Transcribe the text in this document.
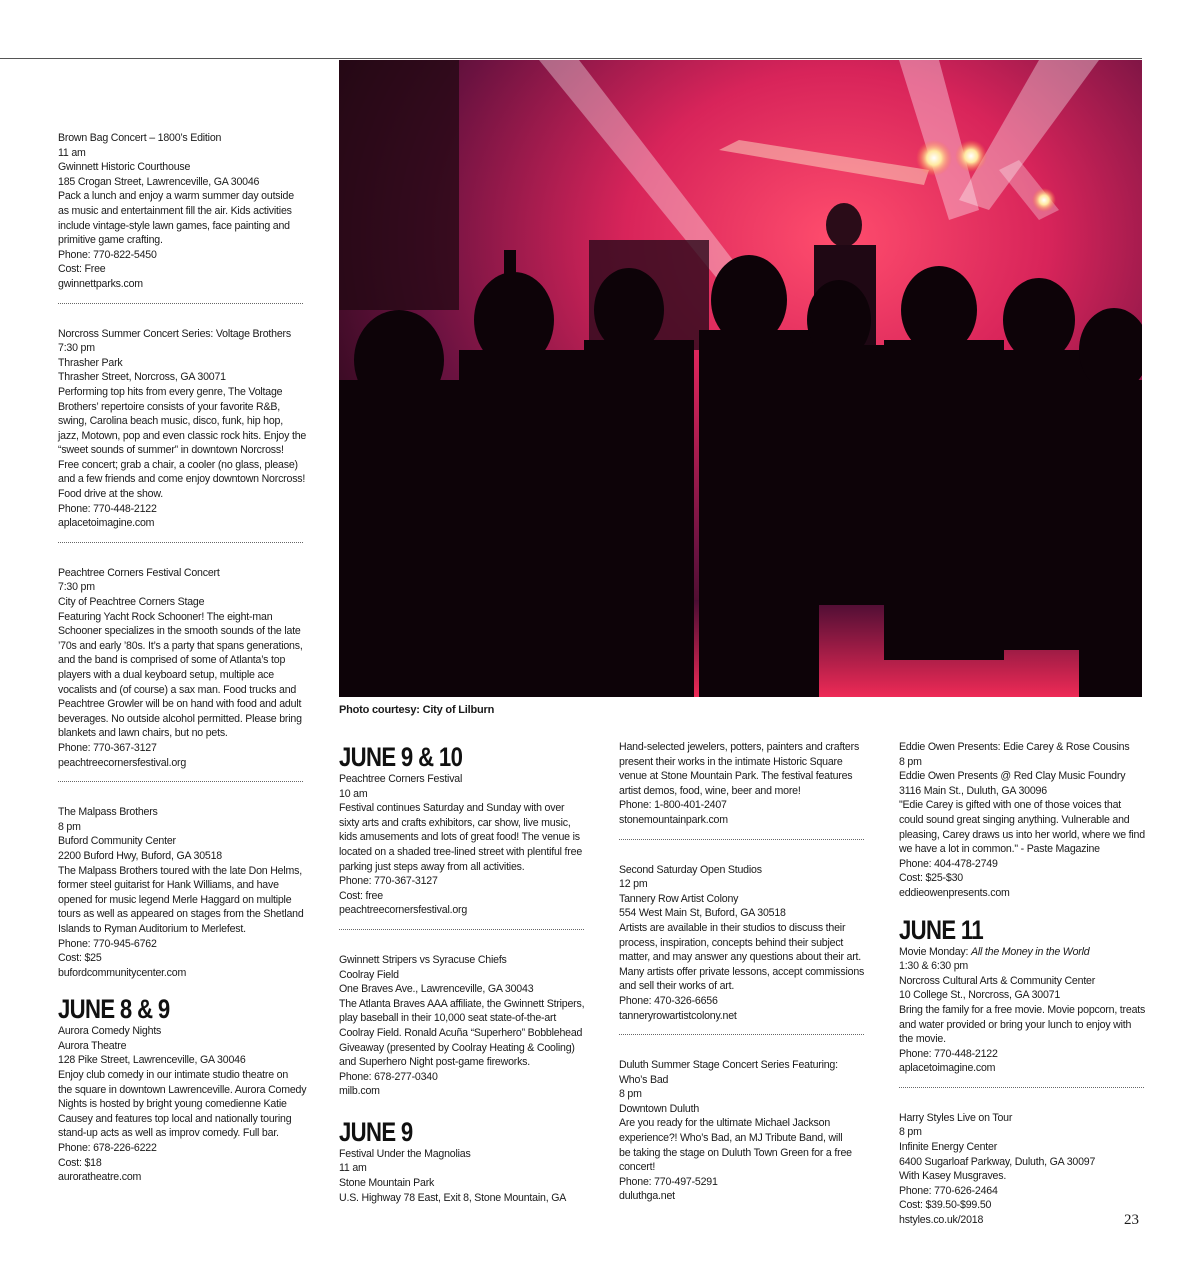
Brown Bag Concert – 1800’s Edition
11 am
Gwinnett Historic Courthouse
185 Crogan Street, Lawrenceville, GA 30046
Pack a lunch and enjoy a warm summer day outside
as music and entertainment fill the air. Kids activities
include vintage-style lawn games, face painting and
primitive game crafting.
Phone: 770-822-5450
Cost: Free
gwinnettparks.com
Norcross Summer Concert Series: Voltage Brothers
7:30 pm
Thrasher Park
Thrasher Street, Norcross, GA 30071
Performing top hits from every genre, The Voltage
Brothers’ repertoire consists of your favorite R&B,
swing, Carolina beach music, disco, funk, hip hop,
jazz, Motown, pop and even classic rock hits. Enjoy the
“sweet sounds of summer” in downtown Norcross!
Free concert; grab a chair, a cooler (no glass, please)
and a few friends and come enjoy downtown Norcross!
Food drive at the show.
Phone: 770-448-2122
aplacetoimagine.com
Peachtree Corners Festival Concert
7:30 pm
City of Peachtree Corners Stage
Featuring Yacht Rock Schooner! The eight-man
Schooner specializes in the smooth sounds of the late
’70s and early ’80s. It’s a party that spans generations,
and the band is comprised of some of Atlanta’s top
players with a dual keyboard setup, multiple ace
vocalists and (of course) a sax man. Food trucks and
Peachtree Growler will be on hand with food and adult
beverages. No outside alcohol permitted. Please bring
blankets and lawn chairs, but no pets.
Phone: 770-367-3127
peachtreecornersfestival.org
The Malpass Brothers
8 pm
Buford Community Center
2200 Buford Hwy, Buford, GA 30518
The Malpass Brothers toured with the late Don Helms,
former steel guitarist for Hank Williams, and have
opened for music legend Merle Haggard on multiple
tours as well as appeared on stages from the Shetland
Islands to Ryman Auditorium to Merlefest.
Phone: 770-945-6762
Cost: $25
bufordcommunitycenter.com
JUNE 8 & 9
Aurora Comedy Nights
Aurora Theatre
128 Pike Street, Lawrenceville, GA 30046
Enjoy club comedy in our intimate studio theatre on
the square in downtown Lawrenceville. Aurora Comedy
Nights is hosted by bright young comedienne Katie
Causey and features top local and nationally touring
stand-up acts as well as improv comedy. Full bar.
Phone: 678-226-6222
Cost: $18
auroratheatre.com
Photo courtesy: City of Lilburn
JUNE 9 & 10
Peachtree Corners Festival
10 am
Festival continues Saturday and Sunday with over
sixty arts and crafts exhibitors, car show, live music,
kids amusements and lots of great food! The venue is
located on a shaded tree-lined street with plentiful free
parking just steps away from all activities.
Phone: 770-367-3127
Cost: free
peachtreecornersfestival.org
Gwinnett Stripers vs Syracuse Chiefs
Coolray Field
One Braves Ave., Lawrenceville, GA 30043
The Atlanta Braves AAA affiliate, the Gwinnett Stripers,
play baseball in their 10,000 seat state-of-the-art
Coolray Field. Ronald Acuña “Superhero” Bobblehead
Giveaway (presented by Coolray Heating & Cooling)
and Superhero Night post-game fireworks.
Phone: 678-277-0340
milb.com
JUNE 9
Festival Under the Magnolias
11 am
Stone Mountain Park
U.S. Highway 78 East, Exit 8, Stone Mountain, GA
Hand-selected jewelers, potters, painters and crafters
present their works in the intimate Historic Square
venue at Stone Mountain Park. The festival features
artist demos, food, wine, beer and more!
Phone: 1-800-401-2407
stonemountainpark.com
Second Saturday Open Studios
12 pm
Tannery Row Artist Colony
554 West Main St, Buford, GA 30518
Artists are available in their studios to discuss their
process, inspiration, concepts behind their subject
matter, and may answer any questions about their art.
Many artists offer private lessons, accept commissions
and sell their works of art.
Phone: 470-326-6656
tanneryrowartistcolony.net
Duluth Summer Stage Concert Series Featuring:
Who’s Bad
8 pm
Downtown Duluth
Are you ready for the ultimate Michael Jackson
experience?! Who’s Bad, an MJ Tribute Band, will
be taking the stage on Duluth Town Green for a free
concert!
Phone: 770-497-5291
duluthga.net
Eddie Owen Presents: Edie Carey & Rose Cousins
8 pm
Eddie Owen Presents @ Red Clay Music Foundry
3116 Main St., Duluth, GA 30096
"Edie Carey is gifted with one of those voices that
could sound great singing anything. Vulnerable and
pleasing, Carey draws us into her world, where we find
we have a lot in common." - Paste Magazine
Phone: 404-478-2749
Cost: $25-$30
eddieowenpresents.com
JUNE 11
Movie Monday: All the Money in the World
1:30 & 6:30 pm
Norcross Cultural Arts & Community Center
10 College St., Norcross, GA 30071
Bring the family for a free movie. Movie popcorn, treats
and water provided or bring your lunch to enjoy with
the movie.
Phone: 770-448-2122
aplacetoimagine.com
Harry Styles Live on Tour
8 pm
Infinite Energy Center
6400 Sugarloaf Parkway, Duluth, GA 30097
With Kasey Musgraves.
Phone: 770-626-2464
Cost: $39.50-$99.50
hstyles.co.uk/2018	23
